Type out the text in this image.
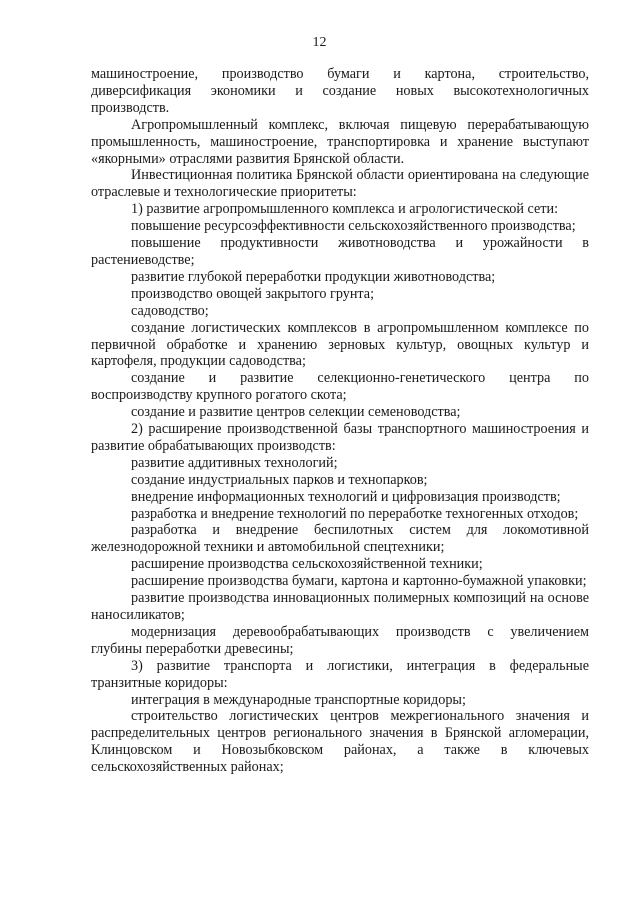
12

машиностроение, производство бумаги и картона, строительство, диверсификация экономики и создание новых высокотехнологичных производств.

Агропромышленный комплекс, включая пищевую перерабатывающую промышленность, машиностроение, транспортировка и хранение выступают «якорными» отраслями развития Брянской области.

Инвестиционная политика Брянской области ориентирована на следующие отраслевые и технологические приоритеты:

1) развитие агропромышленного комплекса и агрологистической сети:

повышение ресурсоэффективности сельскохозяйственного производства;

повышение продуктивности животноводства и урожайности в растениеводстве;

развитие глубокой переработки продукции животноводства;

производство овощей закрытого грунта;

садоводство;

создание логистических комплексов в агропромышленном комплексе по первичной обработке и хранению зерновых культур, овощных культур и картофеля, продукции садоводства;

создание и развитие селекционно-генетического центра по воспроизводству крупного рогатого скота;

создание и развитие центров селекции семеноводства;

2) расширение производственной базы транспортного машиностроения и развитие обрабатывающих производств:

развитие аддитивных технологий;

создание индустриальных парков и технопарков;

внедрение информационных технологий и цифровизация производств;

разработка и внедрение технологий по переработке техногенных отходов;

разработка и внедрение беспилотных систем для локомотивной железнодорожной техники и автомобильной спецтехники;

расширение производства сельскохозяйственной техники;

расширение производства бумаги, картона и картонно-бумажной упаковки;

развитие производства инновационных полимерных композиций на основе наносиликатов;

модернизация деревообрабатывающих производств с увеличением глубины переработки древесины;

3) развитие транспорта и логистики, интеграция в федеральные транзитные коридоры:

интеграция в международные транспортные коридоры;

строительство логистических центров межрегионального значения и распределительных центров регионального значения в Брянской агломерации, Клинцовском и Новозыбковском районах, а также в ключевых сельскохозяйственных районах;
